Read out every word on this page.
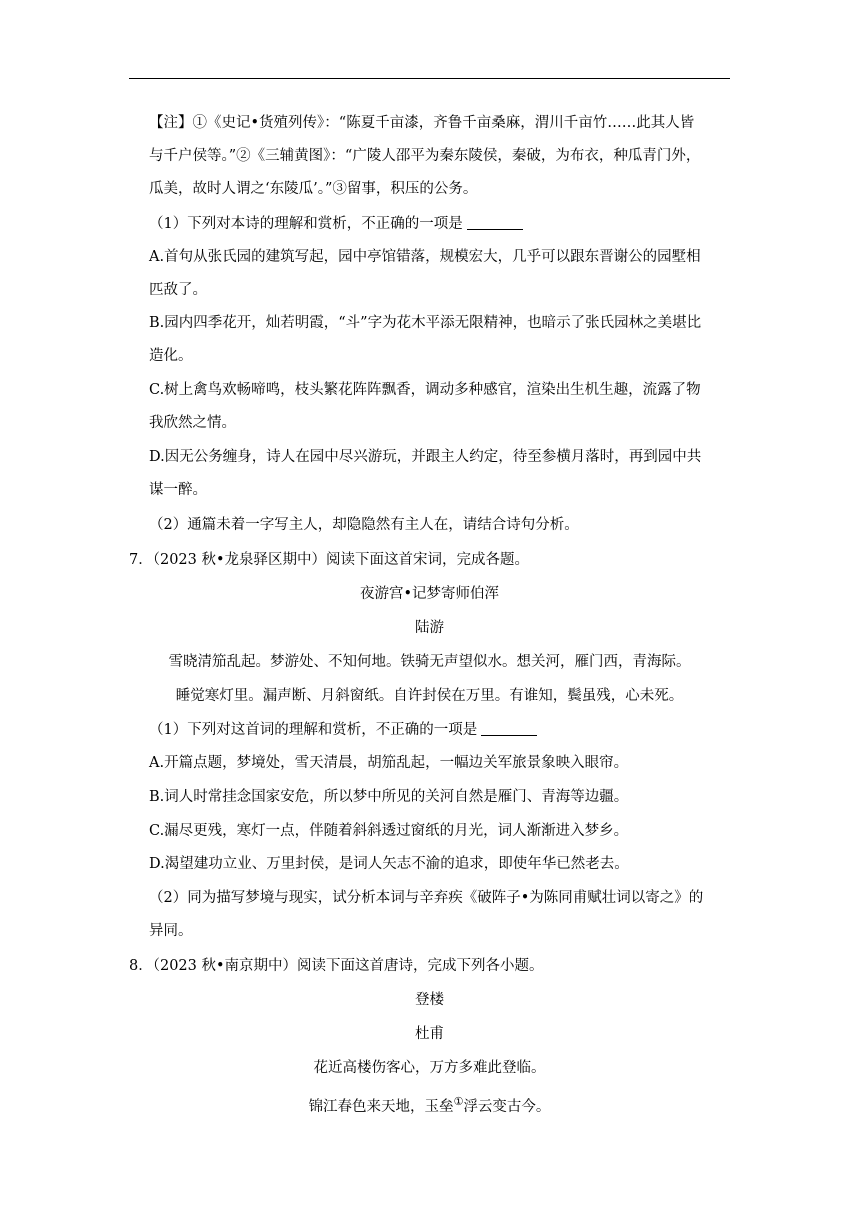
【注】①《史记•货殖列传》：“陈夏千亩漆，齐鲁千亩桑麻，渭川千亩竹……此其人皆
与千户侯等。”②《三辅黄图》：“广陵人邵平为秦东陵侯，秦破，为布衣，种瓜青门外，
瓜美，故时人谓之‘东陵瓜’。”③留事，积压的公务。
（1）下列对本诗的理解和赏析，不正确的一项是
A.首句从张氏园的建筑写起，园中亭馆错落，规模宏大，几乎可以跟东晋谢公的园墅相
匹敌了。
B.园内四季花开，灿若明霞，“斗”字为花木平添无限精神，也暗示了张氏园林之美堪比
造化。
C.树上禽鸟欢畅啼鸣，枝头繁花阵阵飘香，调动多种感官，渲染出生机生趣，流露了物
我欣然之情。
D.因无公务缠身，诗人在园中尽兴游玩，并跟主人约定，待至参横月落时，再到园中共
谋一醉。
（2）通篇未着一字写主人，却隐隐然有主人在，请结合诗句分析。
7．（2023 秋•龙泉驿区期中）阅读下面这首宋词，完成各题。
夜游宫•记梦寄师伯浑
陆游
雪晓清笳乱起。梦游处、不知何地。铁骑无声望似水。想关河，雁门西，青海际。
睡觉寒灯里。漏声断、月斜窗纸。自许封侯在万里。有谁知，鬓虽残，心未死。
（1）下列对这首词的理解和赏析，不正确的一项是
A.开篇点题，梦境处，雪天清晨，胡笳乱起，一幅边关军旅景象映入眼帘。
B.词人时常挂念国家安危，所以梦中所见的关河自然是雁门、青海等边疆。
C.漏尽更残，寒灯一点，伴随着斜斜透过窗纸的月光，词人渐渐进入梦乡。
D.渴望建功立业、万里封侯，是词人矢志不渝的追求，即使年华已然老去。
（2）同为描写梦境与现实，试分析本词与辛弃疾《破阵子•为陈同甫赋壮词以寄之》的
异同。
8．（2023 秋•南京期中）阅读下面这首唐诗，完成下列各小题。
登楼
杜甫
花近高楼伤客心，万方多难此登临。
锦江春色来天地，玉垒①浮云变古今。
